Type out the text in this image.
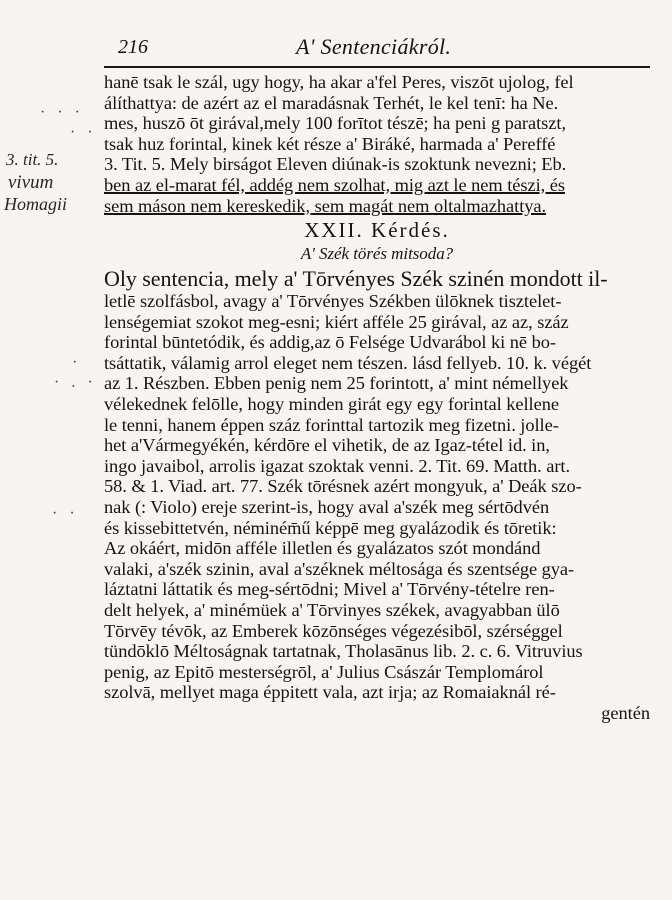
216	A' Sentenciákról.
· · ·
· ·
·
· . ·
· ·
3. tit. 5.
vivum
Homagii
hanē tsak le szál, ugy hogy, ha akar a'fel Peres, viszōt ujolog, fel
álíthattya: de azért az el maradásnak Terhét, le kel tenī: ha Ne.
mes, huszō ōt girával,mely 100 forītot tészē; ha peni g paratszt,
tsak huz forintal, kinek két része a' Biráké, harmada a' Pereffé
3. Tit. 5. Mely birságot Eleven diúnak-is szoktunk nevezni; Eb.
ben az el-marat fél, addég nem szolhat, mig azt le nem tészi, és
sem máson nem kereskedik, sem magát nem oltalmazhattya.
XXII. Kérdés.
A' Szék törés mitsoda?
Oly sentencia, mely a' Tōrvényes Szék szinén mondott il-
letlē szolfásbol, avagy a' Tōrvényes Székben ülōknek tisztelet-
lenségemiat szokot meg-esni; kiért afféle 25 girával, az az, száz
forintal būntetódik, és addig,az ō Felsége Udvarábol ki nē bo-
tsáttatik, válamig arrol eleget nem tészen. lásd fellyeb. 10. k. végét
az 1. Részben. Ebben penig nem 25 forintott, a' mint némellyek
vélekednek felōlle, hogy minden girát egy egy forintal kellene
le tenni, hanem éppen száz forinttal tartozik meg fizetni. jolle-
het a'Vármegyékén, kérdōre el vihetik, de az Igaz-tétel id. in,
ingo javaibol, arrolis igazat szoktak venni. 2. Tit. 69. Matth. art.
58. & 1. Viad. art. 77. Szék tōrésnek azért mongyuk, a' Deák szo-
nak (: Violo) ereje szerint-is, hogy aval a'szék meg sértōdvén
és kissebittetvén, néminém̄ű képpē meg gyalázodik és tōretik:
Az okáért, midōn afféle illetlen és gyalázatos szót mondánd
valaki, a'szék szinin, aval a'széknek méltosága és szentsége gya-
láztatni láttatik és meg-sértōdni; Mivel a' Tōrvény-tételre ren-
delt helyek, a' minémüek a' Tōrvinyes székek, avagyabban ülō
Tōrvēy tévōk, az Emberek kōzōnséges végezésibōl, szérséggel
tündōklō Méltoságnak tartatnak, Tholasānus lib. 2. c. 6. Vitruvius
penig, az Epitō mesterségrōl, a' Julius Császár Templomárol
szolvā, mellyet maga éppitett vala, azt irja; az Romaiaknál ré-
gentén
